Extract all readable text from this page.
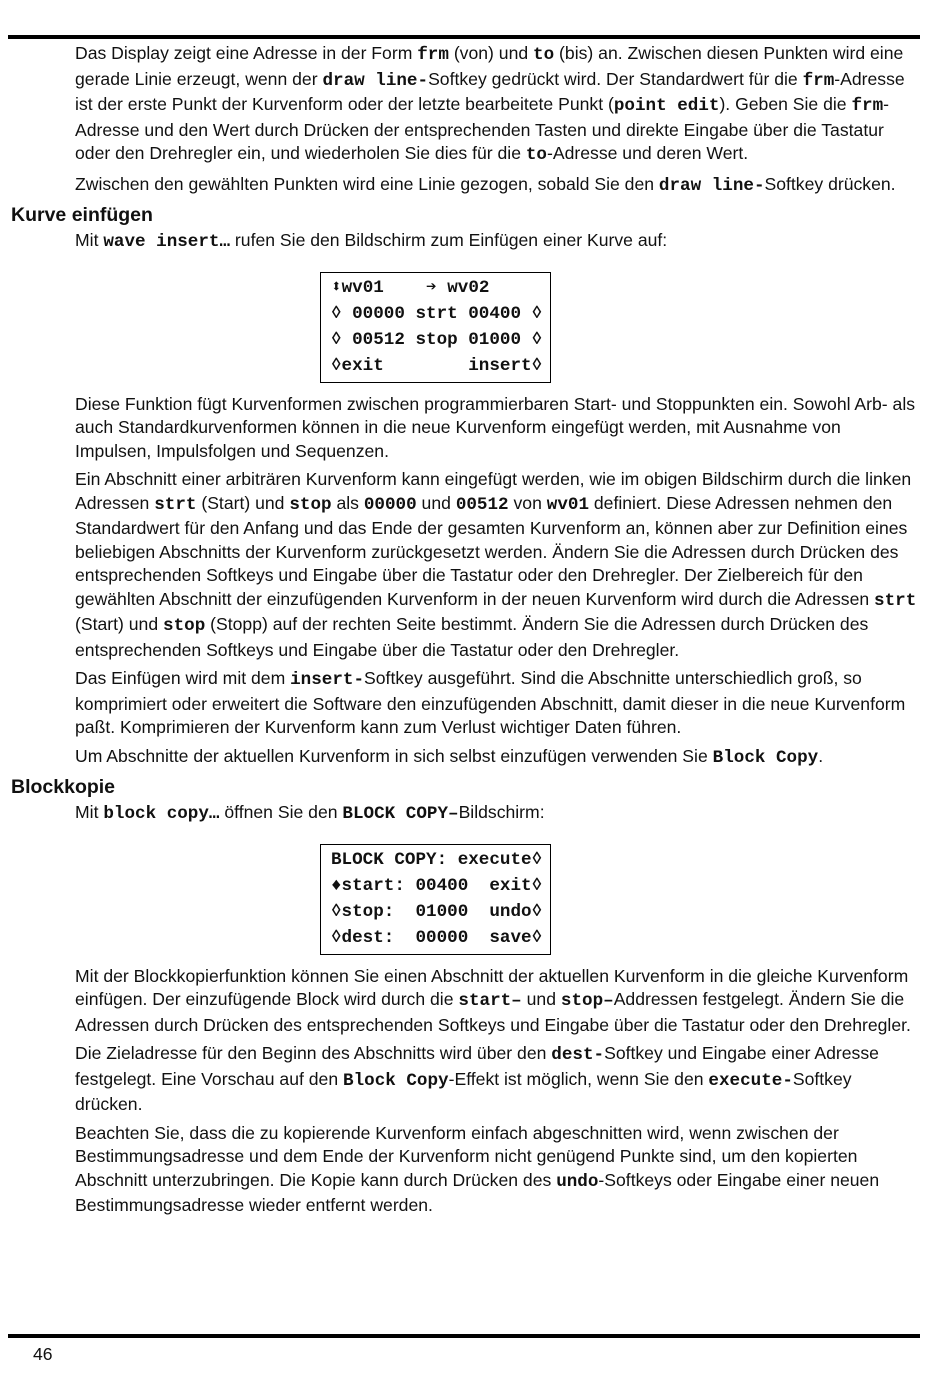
Das Display zeigt eine Adresse in der Form frm (von) und to (bis) an. Zwischen diesen Punkten wird eine gerade Linie erzeugt, wenn der draw line-Softkey gedrückt wird. Der Standardwert für die frm-Adresse ist der erste Punkt der Kurvenform oder der letzte bearbeitete Punkt (point edit). Geben Sie die frm-Adresse und den Wert durch Drücken der entsprechenden Tasten und direkte Eingabe über die Tastatur oder den Drehregler ein, und wiederholen Sie dies für die to-Adresse und deren Wert.

Zwischen den gewählten Punkten wird eine Linie gezogen, sobald Sie den draw line-Softkey drücken.

Kurve einfügen

Mit wave insert… rufen Sie den Bildschirm zum Einfügen einer Kurve auf:

⬍wv01    ➔ wv02
◊ 00000 strt 00400 ◊
◊ 00512 stop 01000 ◊
◊exit        insert◊

Diese Funktion fügt Kurvenformen zwischen programmierbaren Start- und Stoppunkten ein. Sowohl Arb- als auch Standardkurvenformen können in die neue Kurvenform eingefügt werden, mit Ausnahme von Impulsen, Impulsfolgen und Sequenzen.

Ein Abschnitt einer arbiträren Kurvenform kann eingefügt werden, wie im obigen Bildschirm durch die linken Adressen strt (Start) und stop als 00000 und 00512 von wv01 definiert. Diese Adressen nehmen den Standardwert für den Anfang und das Ende der gesamten Kurvenform an, können aber zur Definition eines beliebigen Abschnitts der Kurvenform zurückgesetzt werden. Ändern Sie die Adressen durch Drücken des entsprechenden Softkeys und Eingabe über die Tastatur oder den Drehregler. Der Zielbereich für den gewählten Abschnitt der einzufügenden Kurvenform in der neuen Kurvenform wird durch die Adressen strt (Start) und stop (Stopp) auf der rechten Seite bestimmt. Ändern Sie die Adressen durch Drücken des entsprechenden Softkeys und Eingabe über die Tastatur oder den Drehregler.

Das Einfügen wird mit dem insert-Softkey ausgeführt. Sind die Abschnitte unterschiedlich groß, so komprimiert oder erweitert die Software den einzufügenden Abschnitt, damit dieser in die neue Kurvenform paßt. Komprimieren der Kurvenform kann zum Verlust wichtiger Daten führen.

Um Abschnitte der aktuellen Kurvenform in sich selbst einzufügen verwenden Sie Block Copy.

Blockkopie

Mit block copy… öffnen Sie den BLOCK COPY–Bildschirm:

BLOCK COPY: execute◊
♦start: 00400  exit◊
◊stop:  01000  undo◊
◊dest:  00000  save◊

Mit der Blockkopierfunktion können Sie einen Abschnitt der aktuellen Kurvenform in die gleiche Kurvenform einfügen. Der einzufügende Block wird durch die start– und stop–Addressen festgelegt. Ändern Sie die Adressen durch Drücken des entsprechenden Softkeys und Eingabe über die Tastatur oder den Drehregler.

Die Zieladresse für den Beginn des Abschnitts wird über den dest-Softkey und Eingabe einer Adresse festgelegt. Eine Vorschau auf den Block Copy-Effekt ist möglich, wenn Sie den execute-Softkey drücken.

Beachten Sie, dass die zu kopierende Kurvenform einfach abgeschnitten wird, wenn zwischen der Bestimmungsadresse und dem Ende der Kurvenform nicht genügend Punkte sind, um den kopierten Abschnitt unterzubringen. Die Kopie kann durch Drücken des undo-Softkeys oder Eingabe einer neuen Bestimmungsadresse wieder entfernt werden.

46
